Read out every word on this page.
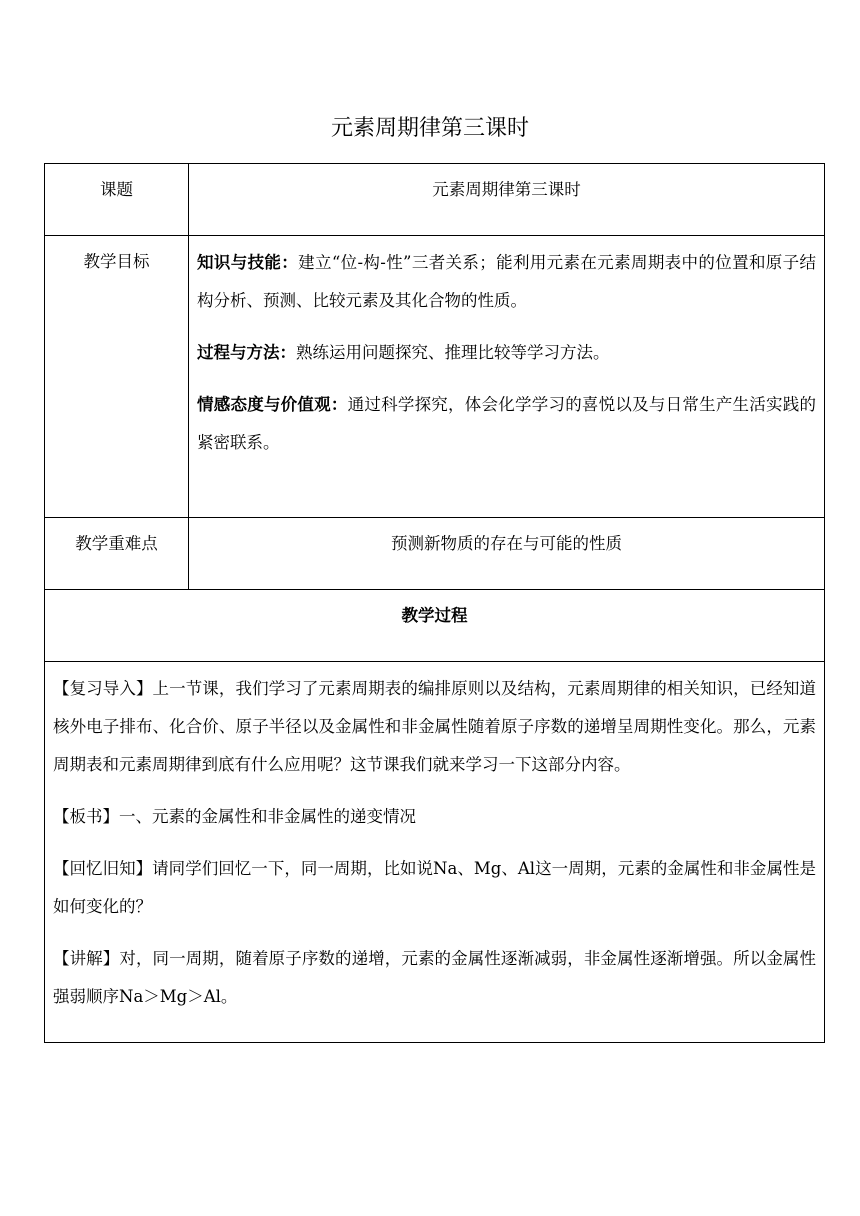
元素周期律第三课时
课题	元素周期律第三课时
教学目标	知识与技能：建立“位-构-性”三者关系；能利用元素在元素周期表中的位置和原子结构分析、预测、比较元素及其化合物的性质。

过程与方法：熟练运用问题探究、推理比较等学习方法。

情感态度与价值观：通过科学探究，体会化学学习的喜悦以及与日常生产生活实践的紧密联系。

教学重难点	预测新物质的存在与可能的性质
教学过程	

【复习导入】上一节课，我们学习了元素周期表的编排原则以及结构，元素周期律的相关知识，已经知道核外电子排布、化合价、原子半径以及金属性和非金属性随着原子序数的递增呈周期性变化。那么，元素周期表和元素周期律到底有什么应用呢？这节课我们就来学习一下这部分内容。

【板书】一、元素的金属性和非金属性的递变情况

【回忆旧知】请同学们回忆一下，同一周期，比如说Na、Mg、Al这一周期，元素的金属性和非金属性是如何变化的？

【讲解】对，同一周期，随着原子序数的递增，元素的金属性逐渐减弱，非金属性逐渐增强。所以金属性强弱顺序Na＞Mg＞Al。	
